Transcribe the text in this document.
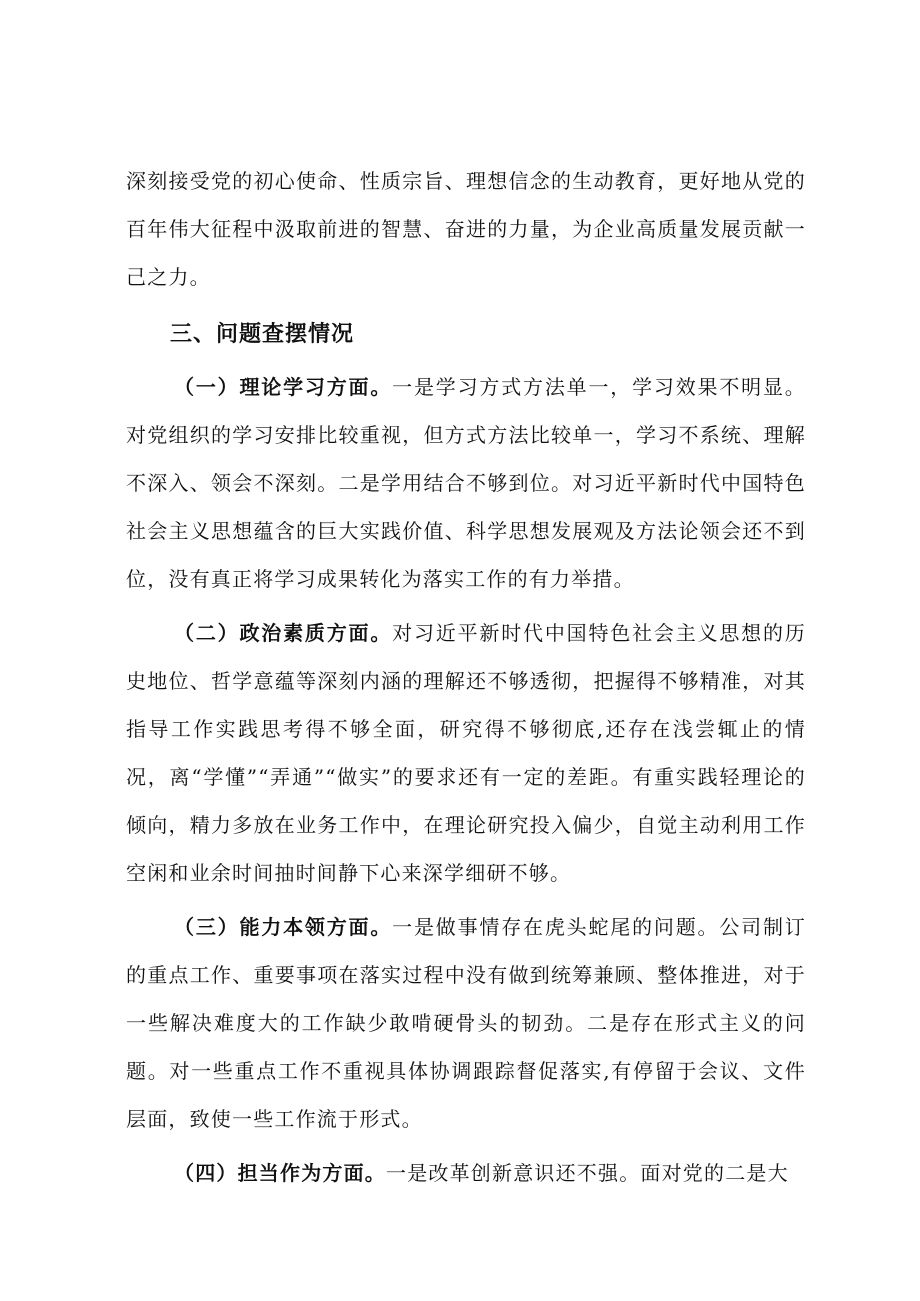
深刻接受党的初心使命、性质宗旨、理想信念的生动教育，更好地从党的百年伟大征程中汲取前进的智慧、奋进的力量，为企业高质量发展贡献一己之力。

三、问题查摆情况

（一）理论学习方面。一是学习方式方法单一，学习效果不明显。对党组织的学习安排比较重视，但方式方法比较单一，学习不系统、理解不深入、领会不深刻。二是学用结合不够到位。对习近平新时代中国特色社会主义思想蕴含的巨大实践价值、科学思想发展观及方法论领会还不到位，没有真正将学习成果转化为落实工作的有力举措。

（二）政治素质方面。对习近平新时代中国特色社会主义思想的历史地位、哲学意蕴等深刻内涵的理解还不够透彻，把握得不够精准，对其指导工作实践思考得不够全面，研究得不够彻底,还存在浅尝辄止的情况，离“学懂”“弄通”“做实”的要求还有一定的差距。有重实践轻理论的倾向，精力多放在业务工作中，在理论研究投入偏少，自觉主动利用工作空闲和业余时间抽时间静下心来深学细研不够。

（三）能力本领方面。一是做事情存在虎头蛇尾的问题。公司制订的重点工作、重要事项在落实过程中没有做到统筹兼顾、整体推进，对于一些解决难度大的工作缺少敢啃硬骨头的韧劲。二是存在形式主义的问题。对一些重点工作不重视具体协调跟踪督促落实,有停留于会议、文件层面，致使一些工作流于形式。

（四）担当作为方面。一是改革创新意识还不强。面对党的二是大
